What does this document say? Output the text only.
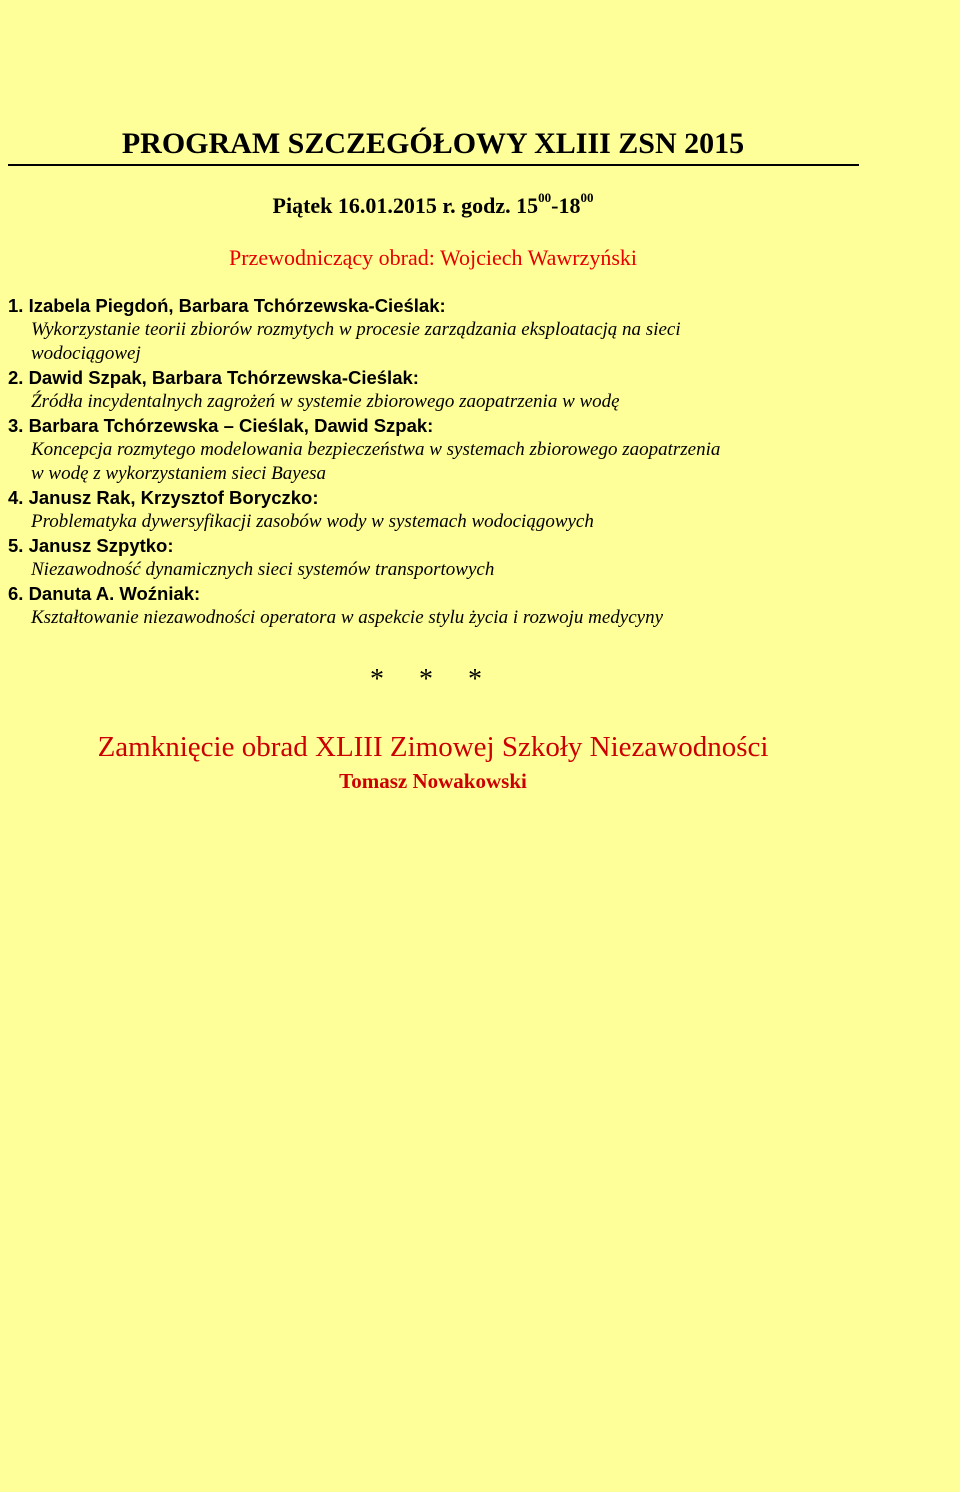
PROGRAM SZCZEGÓŁOWY XLIII ZSN 2015
Piątek 16.01.2015 r. godz. $15^{00}-18^{00}$
Przewodniczący obrad: Wojciech Wawrzyński
1. Izabela Piegdoń, Barbara Tchórzewska-Cieślak:
Wykorzystanie teorii zbiorów rozmytych w procesie zarządzania eksploatacją na sieci
wodociągowej
2. Dawid Szpak, Barbara Tchórzewska-Cieślak:
Źródła incydentalnych zagrożeń w systemie zbiorowego zaopatrzenia w wodę
3. Barbara Tchórzewska – Cieślak, Dawid Szpak:
Koncepcja rozmytego modelowania bezpieczeństwa w systemach zbiorowego zaopatrzenia
w wodę z wykorzystaniem sieci Bayesa
4. Janusz Rak, Krzysztof Boryczko:
Problematyka dywersyfikacji zasobów wody w systemach wodociągowych
5. Janusz Szpytko:
Niezawodność dynamicznych sieci systemów transportowych
6. Danuta A. Woźniak:
Kształtowanie niezawodności operatora w aspekcie stylu życia i rozwoju medycyny
* * *
Zamknięcie obrad XLIII Zimowej Szkoły Niezawodności
Tomasz Nowakowski
